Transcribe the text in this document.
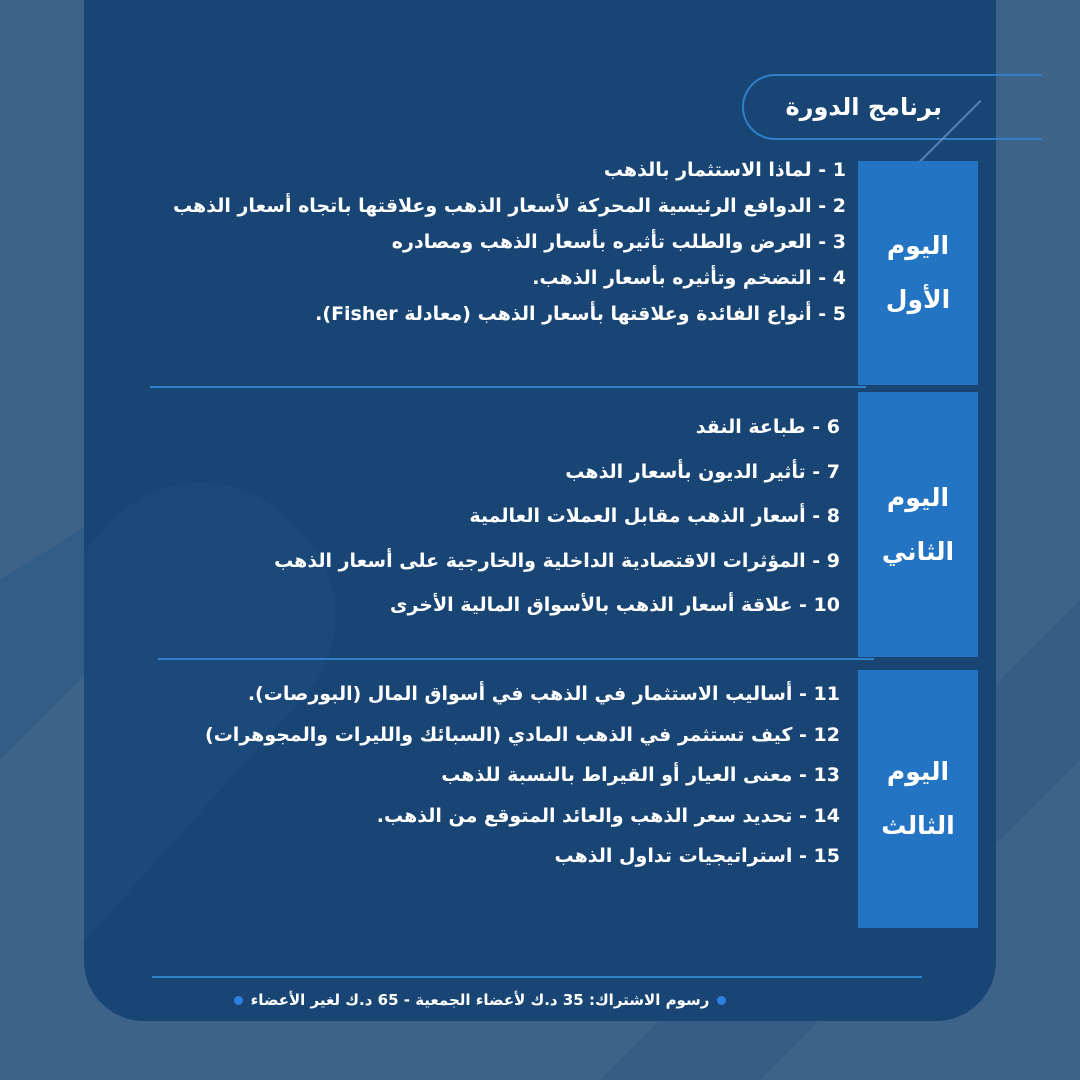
برنامج الدورة
اليوم
الأول

1 - لماذا الاستثمار بالذهب

2 - الدوافع الرئيسية المحركة لأسعار الذهب وعلاقتها باتجاه أسعار الذهب

3 - العرض والطلب تأثيره بأسعار الذهب ومصادره

4 - التضخم وتأثيره بأسعار الذهب.

5 - أنواع الفائدة وعلاقتها بأسعار الذهب (معادلة Fisher).

اليوم
الثاني

6 - طباعة النقد

7 - تأثير الديون بأسعار الذهب

8 - أسعار الذهب مقابل العملات العالمية

9 - المؤثرات الاقتصادية الداخلية والخارجية على أسعار الذهب

10 - علاقة أسعار الذهب بالأسواق المالية الأخرى

اليوم
الثالث

11 - أساليب الاستثمار في الذهب في أسواق المال (البورصات).

12 - كيف تستثمر في الذهب المادي (السبائك والليرات والمجوهرات)

13 - معنى العيار أو القيراط بالنسبة للذهب

14 - تحديد سعر الذهب والعائد المتوقع من الذهب.

15 - استراتيجيات تداول الذهب

رسوم الاشتراك: 35 د.ك لأعضاء الجمعية - 65 د.ك لغير الأعضاء
